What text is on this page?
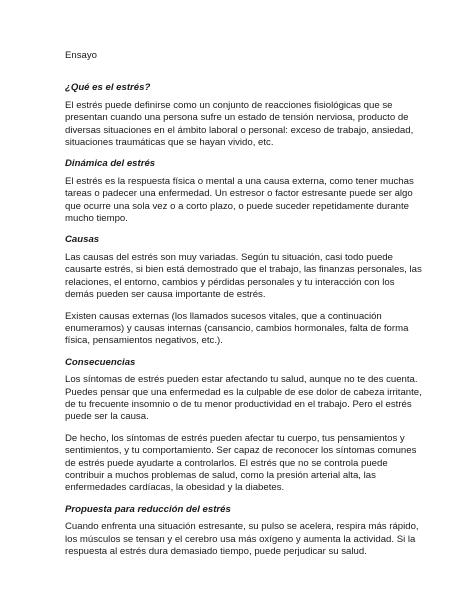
Ensayo
¿Qué es el estrés?

El estrés puede definirse como un conjunto de reacciones fisiológicas que se presentan cuando una persona sufre un estado de tensión nerviosa, producto de diversas situaciones en el ámbito laboral o personal: exceso de trabajo, ansiedad, situaciones traumáticas que se hayan vivido, etc.

Dinámica del estrés

El estrés es la respuesta física o mental a una causa externa, como tener muchas tareas o padecer una enfermedad. Un estresor o factor estresante puede ser algo que ocurre una sola vez o a corto plazo, o puede suceder repetidamente durante mucho tiempo.

Causas

Las causas del estrés son muy variadas. Según tu situación, casi todo puede causarte estrés, si bien está demostrado que el trabajo, las finanzas personales, las relaciones, el entorno, cambios y pérdidas personales y tu interacción con los demás pueden ser causa importante de estrés.

Existen causas externas (los llamados sucesos vitales, que a continuación enumeramos) y causas internas (cansancio, cambios hormonales, falta de forma física, pensamientos negativos, etc.).

Consecuencias

Los síntomas de estrés pueden estar afectando tu salud, aunque no te des cuenta. Puedes pensar que una enfermedad es la culpable de ese dolor de cabeza irritante, de tu frecuente insomnio o de tu menor productividad en el trabajo. Pero el estrés puede ser la causa.

De hecho, los síntomas de estrés pueden afectar tu cuerpo, tus pensamientos y sentimientos, y tu comportamiento. Ser capaz de reconocer los síntomas comunes de estrés puede ayudarte a controlarlos. El estrés que no se controla puede contribuir a muchos problemas de salud, como la presión arterial alta, las enfermedades cardíacas, la obesidad y la diabetes.

Propuesta para reducción del estrés

Cuando enfrenta una situación estresante, su pulso se acelera, respira más rápido, los músculos se tensan y el cerebro usa más oxígeno y aumenta la actividad. Si la respuesta al estrés dura demasiado tiempo, puede perjudicar su salud.
